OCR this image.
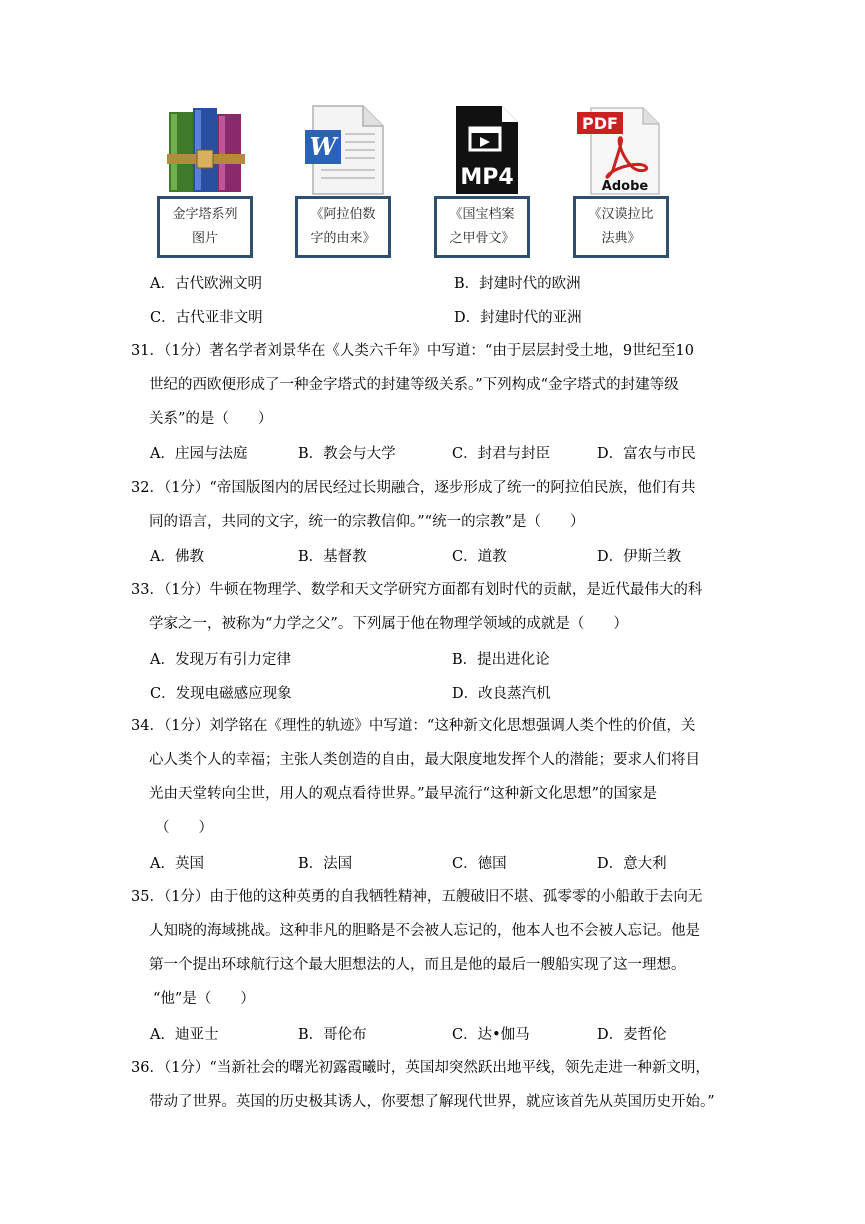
金字塔系列
图片
W
《阿拉伯数
字的由来》
MP4
《国宝档案
之甲骨文》
PDF
Adobe
《汉谟拉比
法典》
A．古代欧洲文明	B．封建时代的欧洲
C．古代亚非文明	D．封建时代的亚洲
31．（1分）著名学者刘景华在《人类六千年》中写道：“由于层层封受土地，9世纪至10
世纪的西欧便形成了一种金字塔式的封建等级关系。”下列构成“金字塔式的封建等级
关系”的是（　　）
A．庄园与法庭	B．教会与大学	C．封君与封臣	D．富农与市民
32．（1分）“帝国版图内的居民经过长期融合，逐步形成了统一的阿拉伯民族，他们有共
同的语言，共同的文字，统一的宗教信仰。”“统一的宗教”是（　　）
A．佛教	B．基督教	C．道教	D．伊斯兰教
33．（1分）牛顿在物理学、数学和天文学研究方面都有划时代的贡献，是近代最伟大的科
学家之一，被称为“力学之父”。下列属于他在物理学领域的成就是（　　）
A．发现万有引力定律	B．提出进化论
C．发现电磁感应现象	D．改良蒸汽机
34．（1分）刘学铭在《理性的轨迹》中写道：“这种新文化思想强调人类个性的价值，关
心人类个人的幸福；主张人类创造的自由，最大限度地发挥个人的潜能；要求人们将目
光由天堂转向尘世，用人的观点看待世界。”最早流行“这种新文化思想”的国家是
（　　）
A．英国	B．法国	C．德国	D．意大利
35．（1分）由于他的这种英勇的自我牺牲精神，五艘破旧不堪、孤零零的小船敢于去向无
人知晓的海域挑战。这种非凡的胆略是不会被人忘记的，他本人也不会被人忘记。他是
第一个提出环球航行这个最大胆想法的人，而且是他的最后一艘船实现了这一理想。
“他”是（　　）
A．迪亚士	B．哥伦布	C．达•伽马	D．麦哲伦
36．（1分）“当新社会的曙光初露霞曦时，英国却突然跃出地平线，领先走进一种新文明，
带动了世界。英国的历史极其诱人，你要想了解现代世界，就应该首先从英国历史开始。”
